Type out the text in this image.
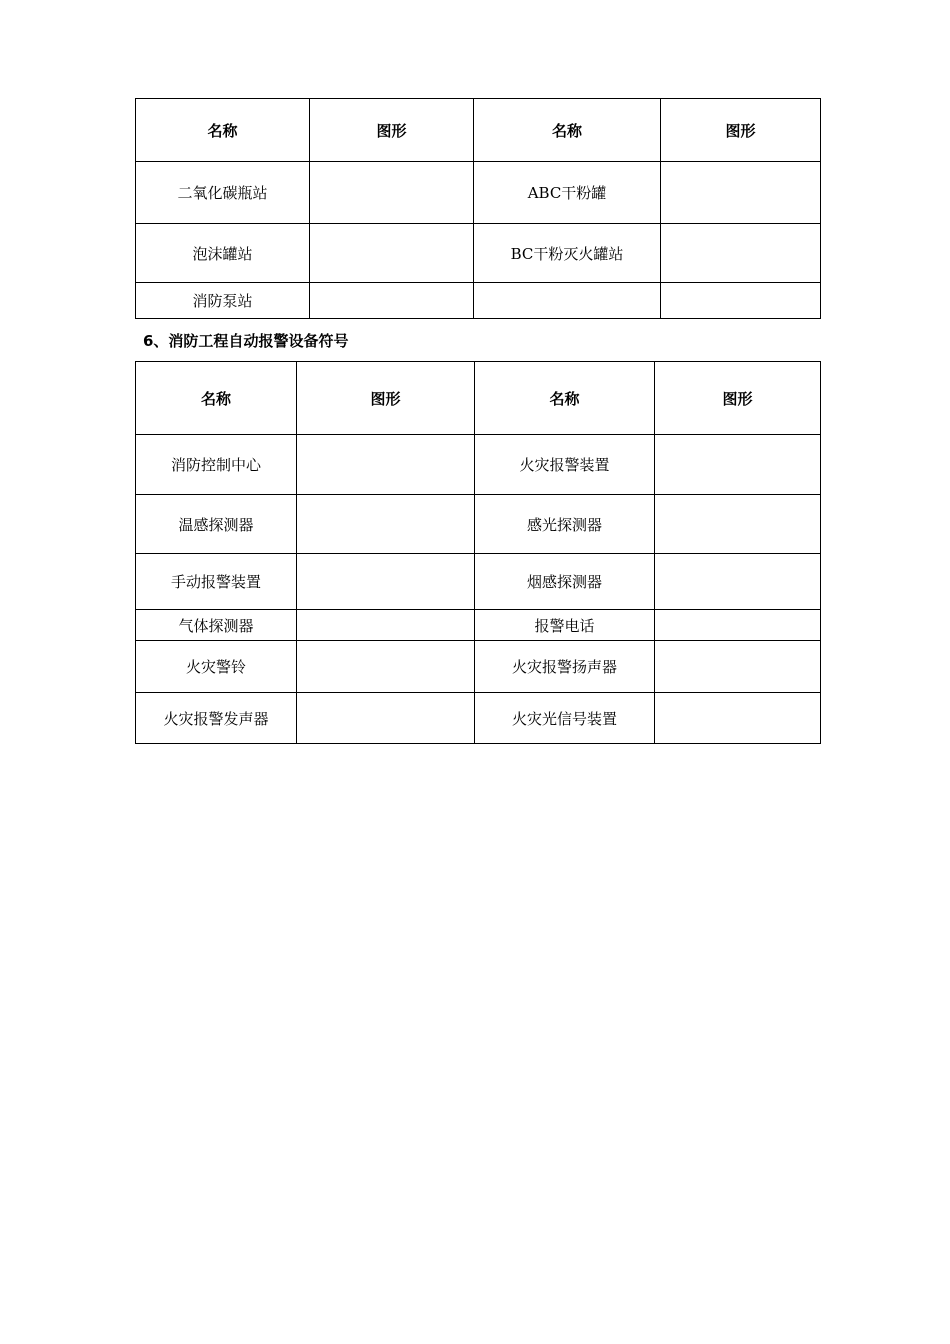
名称	图形	名称	图形
二氧化碳瓶站		ABC干粉罐	
泡沫罐站		BC干粉灭火罐站	
消防泵站			
6、消防工程自动报警设备符号
名称	图形	名称	图形
消防控制中心		火灾报警装置	
温感探测器		感光探测器	
手动报警装置		烟感探测器	
气体探测器		报警电话	
火灾警铃		火灾报警扬声器	
火灾报警发声器		火灾光信号装置	
